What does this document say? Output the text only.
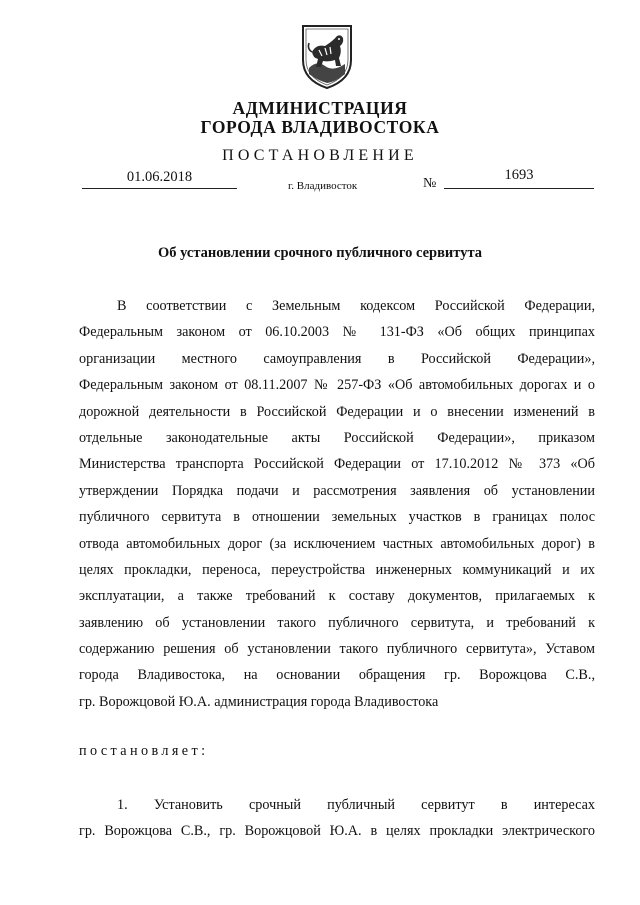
АДМИНИСТРАЦИЯ
ГОРОДА ВЛАДИВОСТОКА
ПОСТАНОВЛЕНИЕ
01.06.2018
г. Владивосток	№
1693
Об установлении срочного публичного сервитута
В соответствии с Земельным кодексом Российской Федерации,
Федеральным законом от 06.10.2003 № 131-ФЗ «Об общих принципах
организации местного самоуправления в Российской Федерации»,
Федеральным законом от 08.11.2007 № 257-ФЗ «Об автомобильных дорогах и о
дорожной деятельности в Российской Федерации и о внесении изменений в
отдельные законодательные акты Российской Федерации», приказом
Министерства транспорта Российской Федерации от 17.10.2012 № 373 «Об
утверждении Порядка подачи и рассмотрения заявления об установлении
публичного сервитута в отношении земельных участков в границах полос
отвода автомобильных дорог (за исключением частных автомобильных дорог) в
целях прокладки, переноса, переустройства инженерных коммуникаций и их
эксплуатации, а также требований к составу документов, прилагаемых к
заявлению об установлении такого публичного сервитута, и требований к
содержанию решения об установлении такого публичного сервитута», Уставом
города Владивостока, на основании обращения гр. Ворожцова С.В.,
гр. Ворожцовой Ю.А. администрация города Владивостока
постановляет:
1. Установить срочный публичный сервитут в интересах
гр. Ворожцова С.В., гр. Ворожцовой Ю.А. в целях прокладки электрического
